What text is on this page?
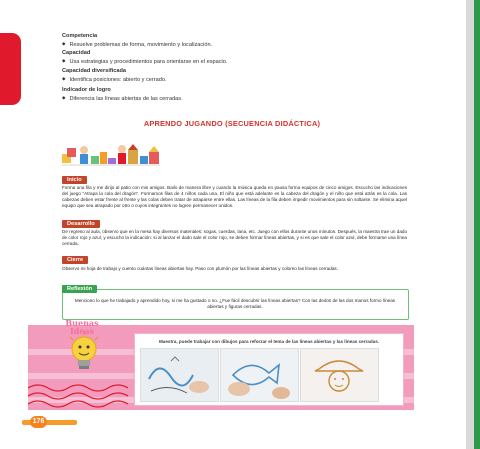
Competencia
◆ Resuelve problemas de forma, movimiento y localización.
Capacidad
◆ Usa estrategias y procedimientos para orientarse en el espacio.
Capacidad diversificada
◆ Identifica posiciones: abierto y cerrado.
Indicador de logro
◆ Diferencia las líneas abiertas de las cerradas.
APRENDO JUGANDO (SECUENCIA DIDÁCTICA)
Inicio
Forma una fila y me dirijo al patio con mis amigos. Bailo de manera libre y cuando la música queda en pausa forma equipos de cinco amigos. Escucho las indicaciones del juego "Atrapa la cola del dragón". Formamos filas de 4 niños cada una. El niño que está adelante es la cabeza del dragón y el niño que está atrás es la cola. Las cabezas deben estar frente al frente y las colas deben tratar de atraparse entre ellas. Las líneas de la fila deben impedir movimientos para sin soltarse. Se elimina aquel equipo que sea atrapado por otro o cuyos integrantes no logren permanecer unidos.
Desarrollo
De regreso al aula, observo que en la mesa hay diversos materiales: sogas, cuerdas, lana, etc. Juego con ellos durante unos minutos. Después, la maestra trae un dado de color rojo y azul, y escucho la indicación: si al lanzar el dado sale el color rojo, se deben formar líneas abiertas, y si es que sale el color azul, debe formarse una línea cerrada.
Cierre
Observo mi hoja de trabajo y cuento cuántas líneas abiertas hay. Paso con plumón por las líneas abiertas y coloreo las líneas cerradas.
Reflexión
Menciono lo que he trabajado y aprendido hoy, si me ha gustado o no. ¿Fue fácil descubrir las líneas abiertas? Con las dedos de las dos manos formo líneas abiertas y figuras cerradas.
Maestra, puede trabajar con dibujos para reforzar el tema de las líneas abiertas y las líneas cerradas.
Buenas Ideas
176
